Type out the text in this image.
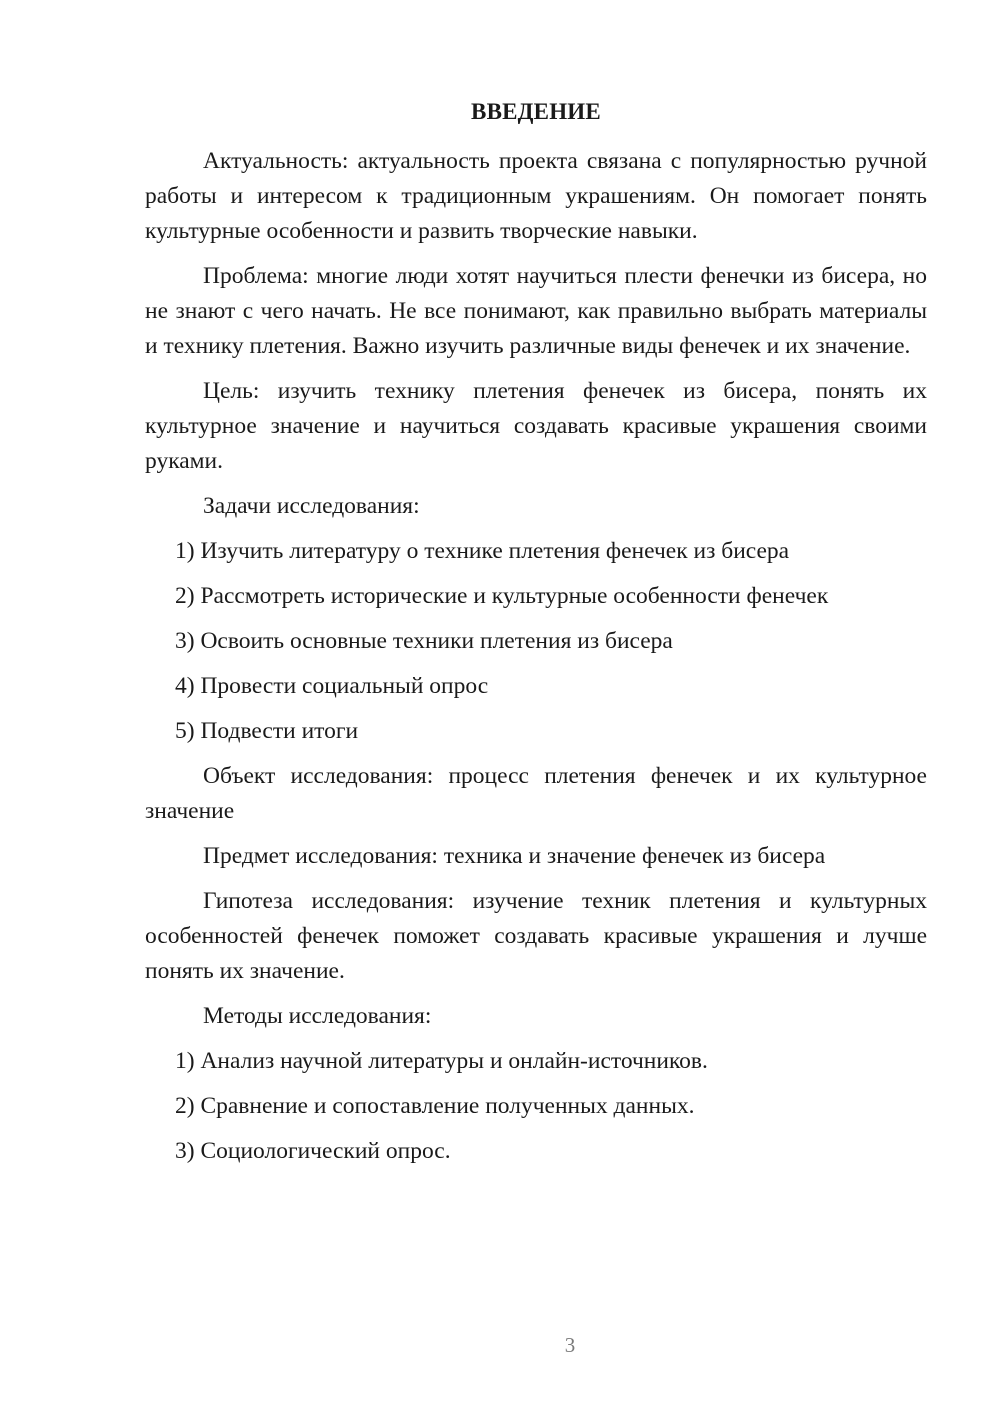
ВВЕДЕНИЕ

Актуальность: актуальность проекта связана с популярностью ручной работы и интересом к традиционным украшениям. Он помогает понять культурные особенности и развить творческие навыки.

Проблема: многие люди хотят научиться плести фенечки из бисера, но не знают с чего начать. Не все понимают, как правильно выбрать материалы и технику плетения. Важно изучить различные виды фенечек и их значение.

Цель: изучить технику плетения фенечек из бисера, понять их культурное значение и научиться создавать красивые украшения своими руками.

Задачи исследования:

1) Изучить литературу о технике плетения фенечек из бисера
2) Рассмотреть исторические и культурные особенности фенечек
3) Освоить основные техники плетения из бисера
4) Провести социальный опрос
5) Подвести итоги

Объект исследования: процесс плетения фенечек и их культурное значение

Предмет исследования: техника и значение фенечек из бисера

Гипотеза исследования: изучение техник плетения и культурных особенностей фенечек поможет создавать красивые украшения и лучше понять их значение.

Методы исследования:

1) Анализ научной литературы и онлайн-источников.
2) Сравнение и сопоставление полученных данных.
3) Социологический опрос.
3
